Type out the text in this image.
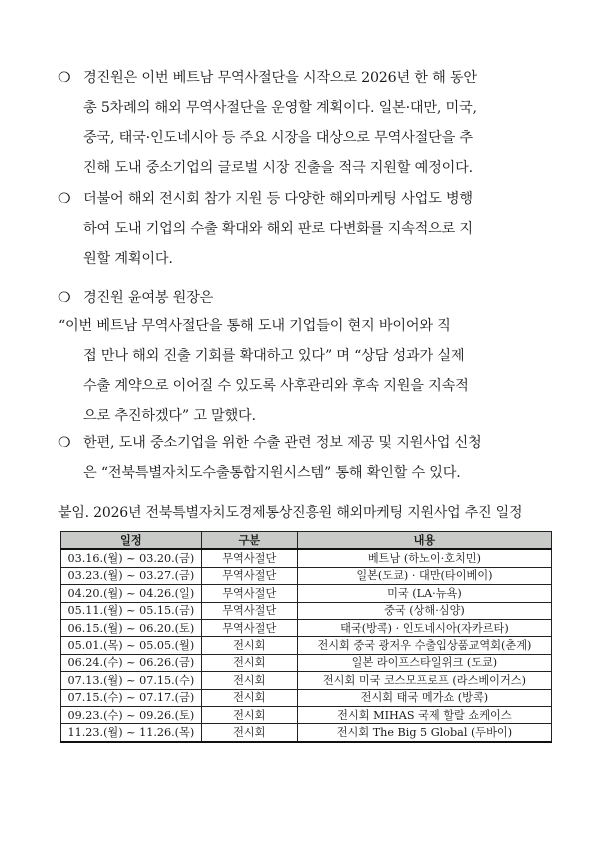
❍ 경진원은 이번 베트남 무역사절단을 시작으로 2026년 한 해 동안
총 5차례의 해외 무역사절단을 운영할 계획이다. 일본·대만, 미국,
중국, 태국·인도네시아 등 주요 시장을 대상으로 무역사절단을 추
진해 도내 중소기업의 글로벌 시장 진출을 적극 지원할 예정이다.
❍ 더불어 해외 전시회 참가 지원 등 다양한 해외마케팅 사업도 병행
하여 도내 기업의 수출 확대와 해외 판로 다변화를 지속적으로 지
원할 계획이다.
❍ 경진원 윤여봉 원장은
“이번 베트남 무역사절단을 통해 도내 기업들이 현지 바이어와 직
접 만나 해외 진출 기회를 확대하고 있다” 며 “상담 성과가 실제
수출 계약으로 이어질 수 있도록 사후관리와 후속 지원을 지속적
으로 추진하겠다” 고 말했다.
❍ 한편, 도내 중소기업을 위한 수출 관련 정보 제공 및 지원사업 신청
은 “전북특별자치도수출통합지원시스템” 통해 확인할 수 있다.
붙임. 2026년 전북특별자치도경제통상진흥원 해외마케팅 지원사업 추진 일정
일정	구분	내용
03.16.(월) ~ 03.20.(금)	무역사절단	베트남 (하노이·호치민)
03.23.(월) ~ 03.27.(금)	무역사절단	일본(도쿄) · 대만(타이베이)
04.20.(월) ~ 04.26.(일)	무역사절단	미국 (LA·뉴욕)
05.11.(월) ~ 05.15.(금)	무역사절단	중국 (상해·심양)
06.15.(월) ~ 06.20.(토)	무역사절단	태국(방콕) · 인도네시아(자카르타)
05.01.(목) ~ 05.05.(월)	전시회	전시회 중국 광저우 수출입상품교역회(춘계)
06.24.(수) ~ 06.26.(금)	전시회	일본 라이프스타일위크 (도쿄)
07.13.(월) ~ 07.15.(수)	전시회	전시회 미국 코스모프로프 (라스베이거스)
07.15.(수) ~ 07.17.(금)	전시회	전시회 태국 메가쇼 (방콕)
09.23.(수) ~ 09.26.(토)	전시회	전시회 MIHAS 국제 할랄 쇼케이스
11.23.(월) ~ 11.26.(목)	전시회	전시회 The Big 5 Global (두바이)
